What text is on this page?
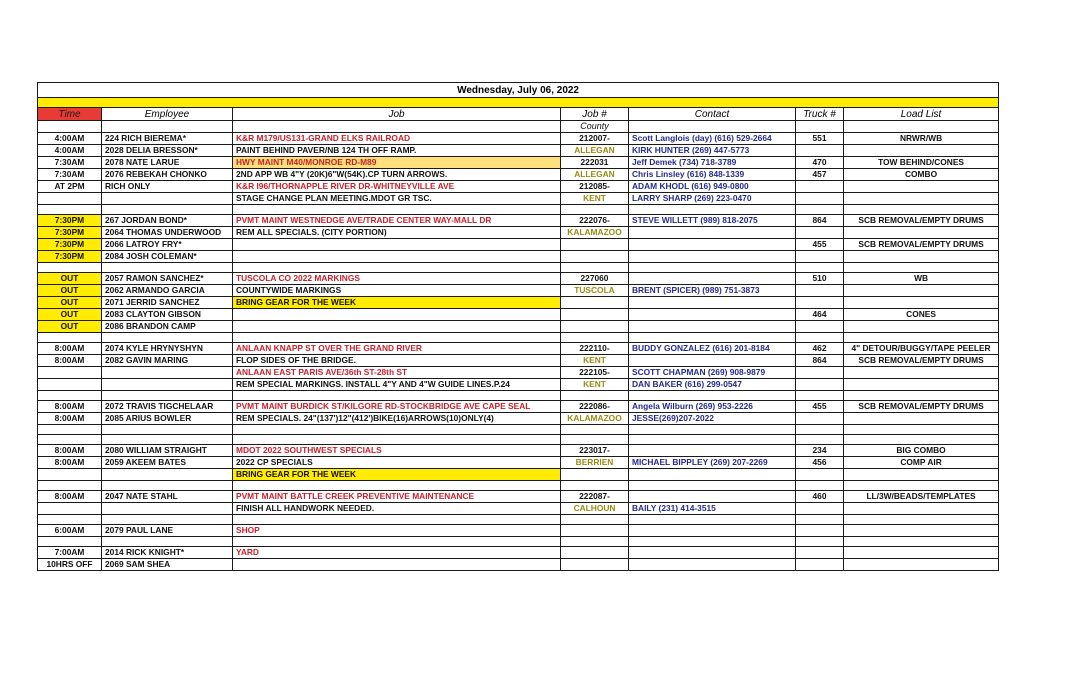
Wednesday, July 06, 2022						

Time	Employee	Job	Job #	Contact	Truck #	Load List
			County			
4:00AM	224 RICH BIEREMA*	K&R M179/US131-GRAND ELKS RAILROAD	212007-	Scott Langlois (day) (616) 529-2664	551	NRWR/WB
4:00AM	2028 DELIA BRESSON*	PAINT BEHIND PAVER/NB 124 TH OFF RAMP.	ALLEGAN	KIRK HUNTER (269) 447-5773		
7:30AM	2078 NATE LARUE	HWY MAINT M40/MONROE RD-M89	222031	Jeff Demek (734) 718-3789	470	TOW BEHIND/CONES
7:30AM	2076 REBEKAH CHONKO	2ND APP WB 4"Y (20K)6"W(54K).CP TURN ARROWS.	ALLEGAN	Chris Linsley (616) 848-1339	457	COMBO
AT 2PM	RICH ONLY	K&R I96/THORNAPPLE RIVER DR-WHITNEYVILLE AVE	212085-	ADAM KHODL (616) 949-0800		
		STAGE CHANGE PLAN MEETING.MDOT GR TSC.	KENT	LARRY SHARP (269) 223-0470		

7:30PM	267 JORDAN BOND*	PVMT MAINT WESTNEDGE AVE/TRADE CENTER WAY-MALL DR	222076-	STEVE WILLETT (989) 818-2075	864	SCB REMOVAL/EMPTY DRUMS
7:30PM	2064 THOMAS UNDERWOOD	REM ALL SPECIALS. (CITY PORTION)	KALAMAZOO			
7:30PM	2066 LATROY FRY*				455	SCB REMOVAL/EMPTY DRUMS
7:30PM	2084 JOSH COLEMAN*					

OUT	2057 RAMON SANCHEZ*	TUSCOLA CO 2022 MARKINGS	227060		510	WB
OUT	2062 ARMANDO GARCIA	COUNTYWIDE MARKINGS	TUSCOLA	BRENT (SPICER) (989) 751-3873		
OUT	2071 JERRID SANCHEZ	BRING GEAR FOR THE WEEK				
OUT	2083 CLAYTON GIBSON				464	CONES
OUT	2086 BRANDON CAMP					

8:00AM	2074 KYLE HRYNYSHYN	ANLAAN KNAPP ST OVER THE GRAND RIVER	222110-	BUDDY GONZALEZ (616) 201-8184	462	4" DETOUR/BUGGY/TAPE PEELER
8:00AM	2082 GAVIN MARING	FLOP SIDES OF THE BRIDGE.	KENT		864	SCB REMOVAL/EMPTY DRUMS
		ANLAAN EAST PARIS AVE/36th ST-28th ST	222105-	SCOTT CHAPMAN (269) 908-9879		
		REM SPECIAL MARKINGS. INSTALL 4"Y AND 4"W GUIDE LINES.P.24	KENT	DAN BAKER (616) 299-0547		

8:00AM	2072 TRAVIS TIGCHELAAR	PVMT MAINT BURDICK ST/KILGORE RD-STOCKBRIDGE AVE CAPE SEAL	222086-	Angela Wilburn (269) 953-2226	455	SCB REMOVAL/EMPTY DRUMS
8:00AM	2085 ARIUS BOWLER	REM SPECIALS. 24"(137')12"(412')BIKE(16)ARROWS(10)ONLY(4)	KALAMAZOO	JESSE(269)207-2022		

8:00AM	2080 WILLIAM STRAIGHT	MDOT 2022 SOUTHWEST SPECIALS	223017-		234	BIG COMBO
8:00AM	2059 AKEEM BATES	2022 CP SPECIALS	BERRIEN	MICHAEL BIPPLEY (269) 207-2269	456	COMP AIR
		BRING GEAR FOR THE WEEK				

8:00AM	2047 NATE STAHL	PVMT MAINT BATTLE CREEK PREVENTIVE MAINTENANCE	222087-		460	LL/3W/BEADS/TEMPLATES
		FINISH ALL HANDWORK NEEDED.	CALHOUN	BAILY (231) 414-3515		

6:00AM	2079 PAUL LANE	SHOP				

7:00AM	2014 RICK KNIGHT*	YARD				
10HRS OFF	2069 SAM SHEA					
